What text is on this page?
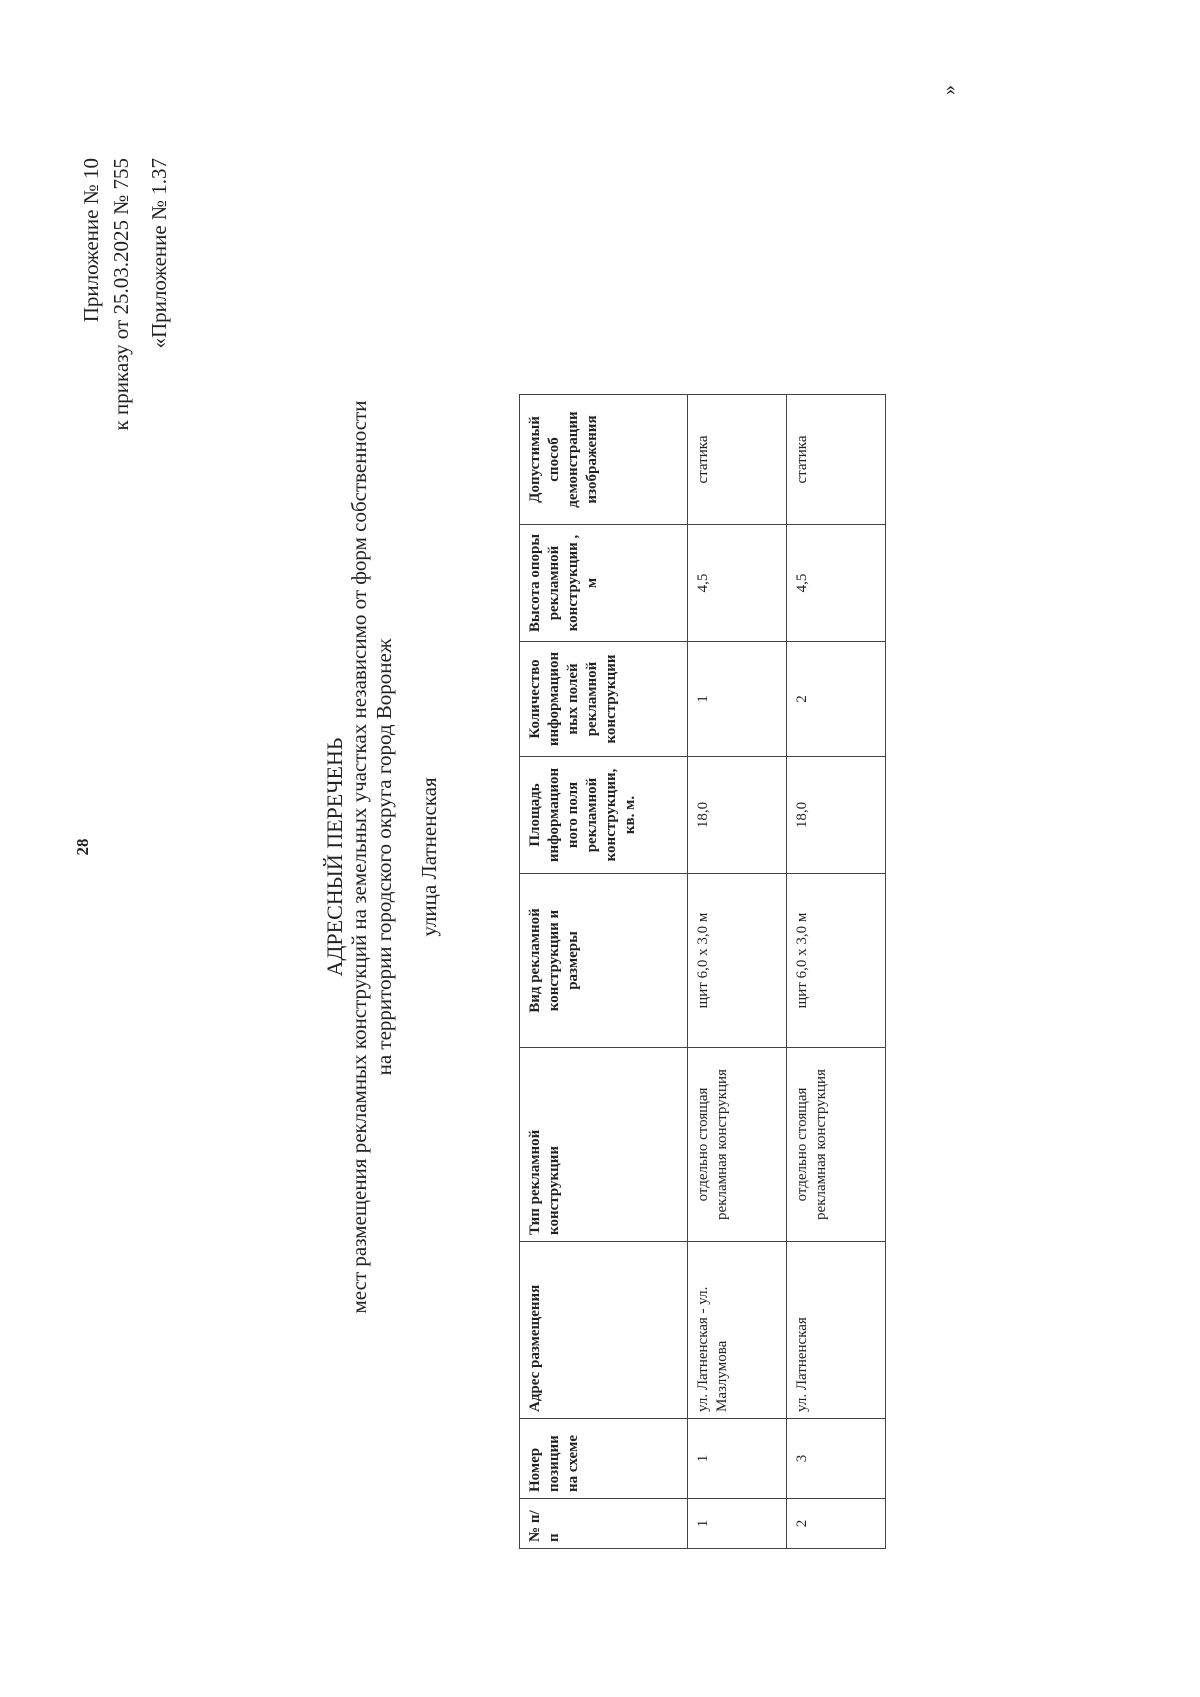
28
Приложение № 10 к приказу от 25.03.2025 № 755 «Приложение № 1.37
АДРЕСНЫЙ ПЕРЕЧЕНЬ мест размещения рекламных конструкций на земельных участках независимо от форм собственности на территории городского округа город Воронеж улица Латненская
№ п/п	Номер позиции на схеме	Адрес размещения	Тип рекламной конструкции	Вид рекламной конструкции и размеры	Площадь информацион ного поля рекламной конструкции, кв. м.	Количество информацион ных полей рекламной конструкции	Высота опоры рекламной конструкции , м	Допустимый способ демонстрации изображения
1	1	ул. Латненская - ул. Мазлумова	отдельно стоящая рекламная конструкция	щит 6,0 х 3,0 м	18,0	1	4,5	статика
2	3	ул. Латненская	отдельно стоящая рекламная конструкция	щит 6,0 х 3,0 м	18,0	2	4,5	статика
»
